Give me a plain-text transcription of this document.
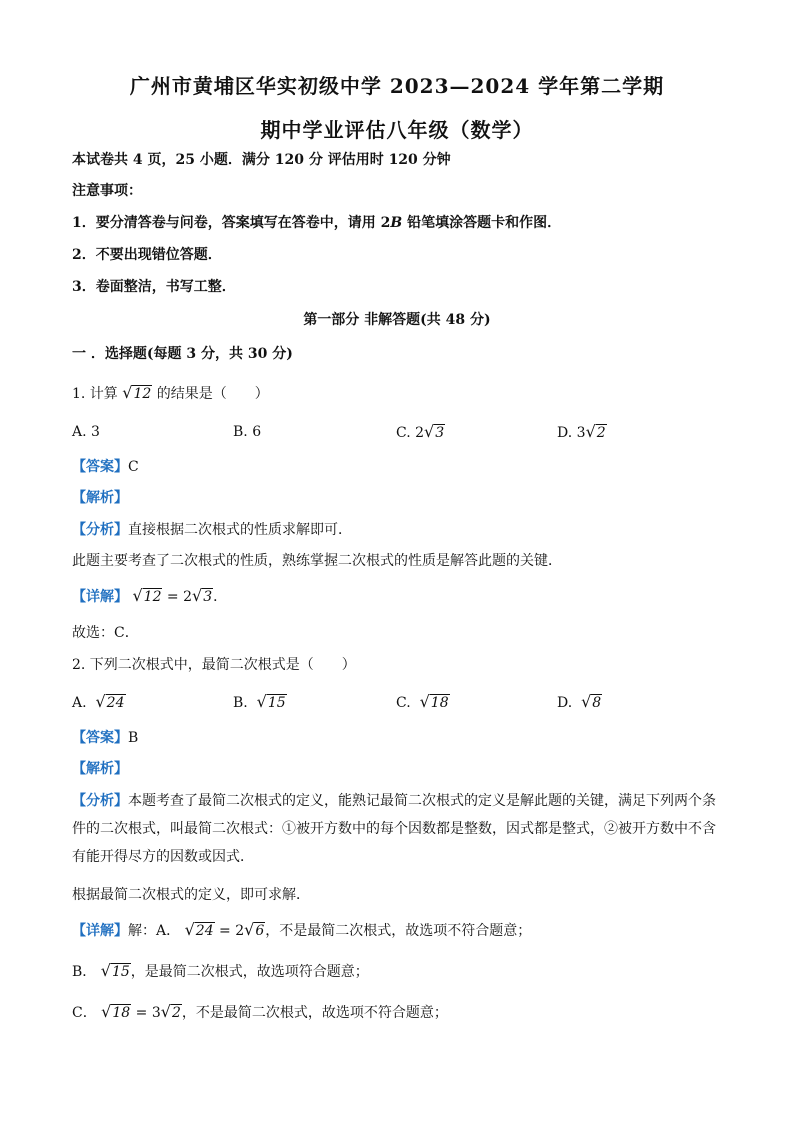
广州市黄埔区华实初级中学 2023—2024 学年第二学期
期中学业评估八年级（数学）
本试卷共 4 页，25 小题．满分 120 分 评估用时 120 分钟
注意事项：
1．要分清答卷与问卷，答案填写在答卷中，请用 2B 铅笔填涂答题卡和作图．
2．不要出现错位答题．
3．卷面整洁，书写工整．
第一部分 非解答题(共 48 分)
一 ．选择题(每题 3 分，共 30 分)
1. 计算 √12 的结果是（　　）
A. 3	B. 6	C. 2√3	D. 3√2
【答案】C
【解析】
【分析】直接根据二次根式的性质求解即可．
此题主要考查了二次根式的性质，熟练掌握二次根式的性质是解答此题的关键．
【详解】 √12 = 2√3．
故选：C．
2. 下列二次根式中，最简二次根式是（　　）
A. √24	B. √15	C. √18	D. √8
【答案】B
【解析】
【分析】本题考查了最简二次根式的定义，能熟记最简二次根式的定义是解此题的关键，满足下列两个条件的二次根式，叫最简二次根式：①被开方数中的每个因数都是整数，因式都是整式，②被开方数中不含有能开得尽方的因数或因式．
根据最简二次根式的定义，即可求解．
【详解】解：A． √24 = 2√6，不是最简二次根式，故选项不符合题意；
B． √15，是最简二次根式，故选项符合题意；
C． √18 = 3√2，不是最简二次根式，故选项不符合题意；
